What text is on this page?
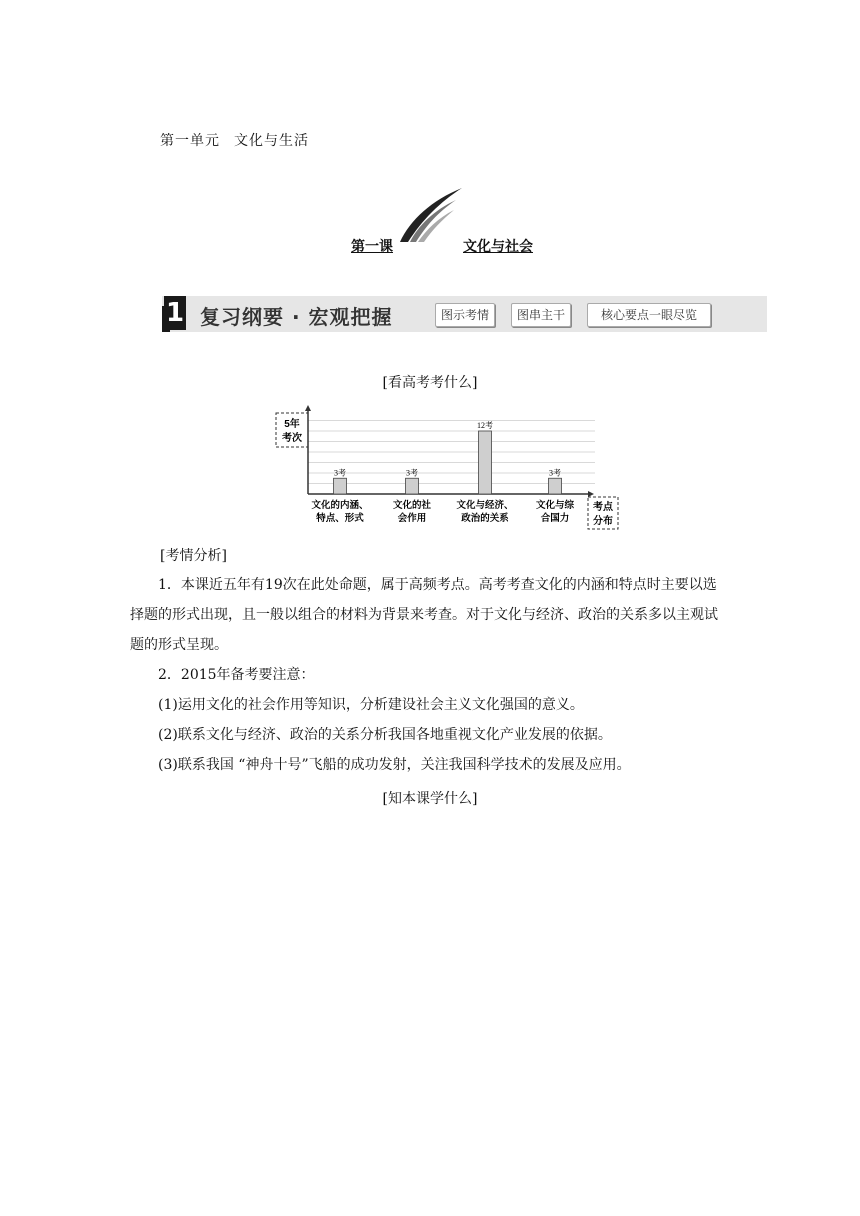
第一单元 文化与生活
第一课	文化与社会
1 复习纲要 · 宏观把握	图示考情	图串主干	核心要点一眼尽览
[看高考考什么]
5年
考次
3考	3考
12考
3考
文化的内涵、
特点、形式
文化的社
会作用
文化与经济、
政治的关系
文化与综
合国力
考点
分布
[考情分析]
1．本课近五年有19次在此处命题，属于高频考点。高考考查文化的内涵和特点时主要以选择题的形式出现，且一般以组合的材料为背景来考查。对于文化与经济、政治的关系多以主观试题的形式呈现。
2．2015年备考要注意：
(1)运用文化的社会作用等知识，分析建设社会主义文化强国的意义。
(2)联系文化与经济、政治的关系分析我国各地重视文化产业发展的依据。
(3)联系我国 “神舟十号”飞船的成功发射，关注我国科学技术的发展及应用。
[知本课学什么]
